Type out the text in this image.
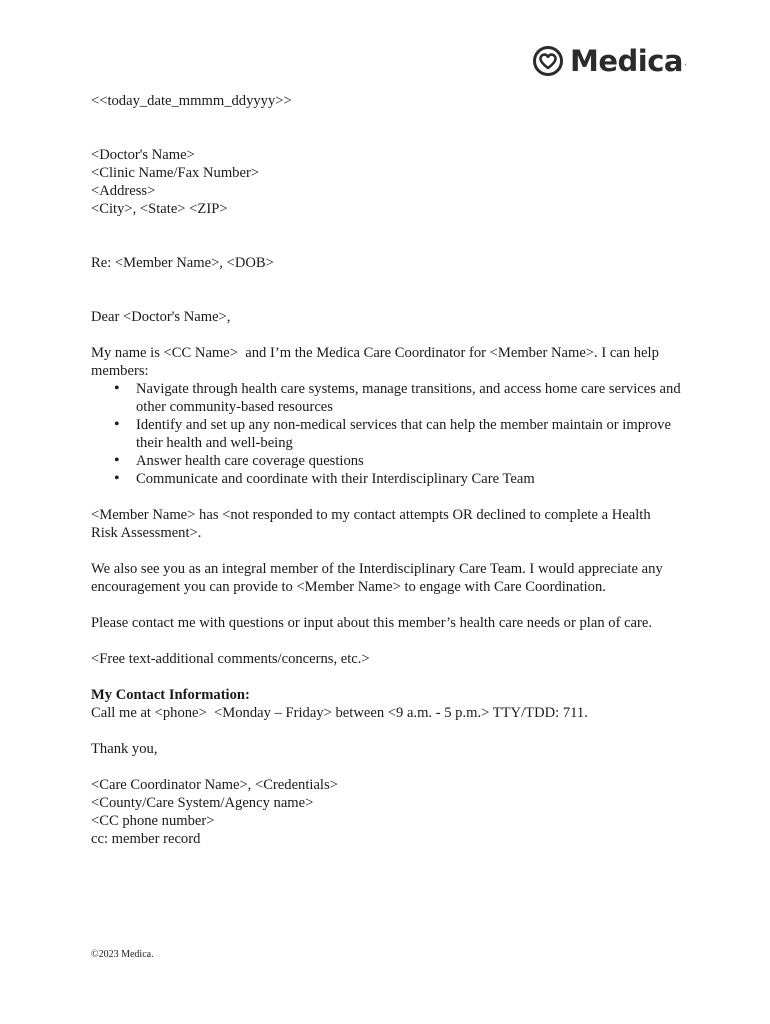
Medica .
<<today_date_mmmm_ddyyyy>>
<Doctor's Name>
<Clinic Name/Fax Number>
<Address>
<City>, <State> <ZIP>
Re: <Member Name>, <DOB>
Dear <Doctor's Name>,
My name is <CC Name>  and I’m the Medica Care Coordinator for <Member Name>. I can help members:
• Navigate through health care systems, manage transitions, and access home care services and other community-based resources
• Identify and set up any non-medical services that can help the member maintain or improve their health and well-being
• Answer health care coverage questions
• Communicate and coordinate with their Interdisciplinary Care Team
<Member Name> has <not responded to my contact attempts OR declined to complete a Health Risk Assessment>.
We also see you as an integral member of the Interdisciplinary Care Team. I would appreciate any encouragement you can provide to <Member Name> to engage with Care Coordination.
Please contact me with questions or input about this member’s health care needs or plan of care.
<Free text-additional comments/concerns, etc.>
My Contact Information:
Call me at <phone>  <Monday – Friday> between <9 a.m. - 5 p.m.> TTY/TDD: 711.
Thank you,
<Care Coordinator Name>, <Credentials>
<County/Care System/Agency name>
<CC phone number>
cc: member record
©2023 Medica.
